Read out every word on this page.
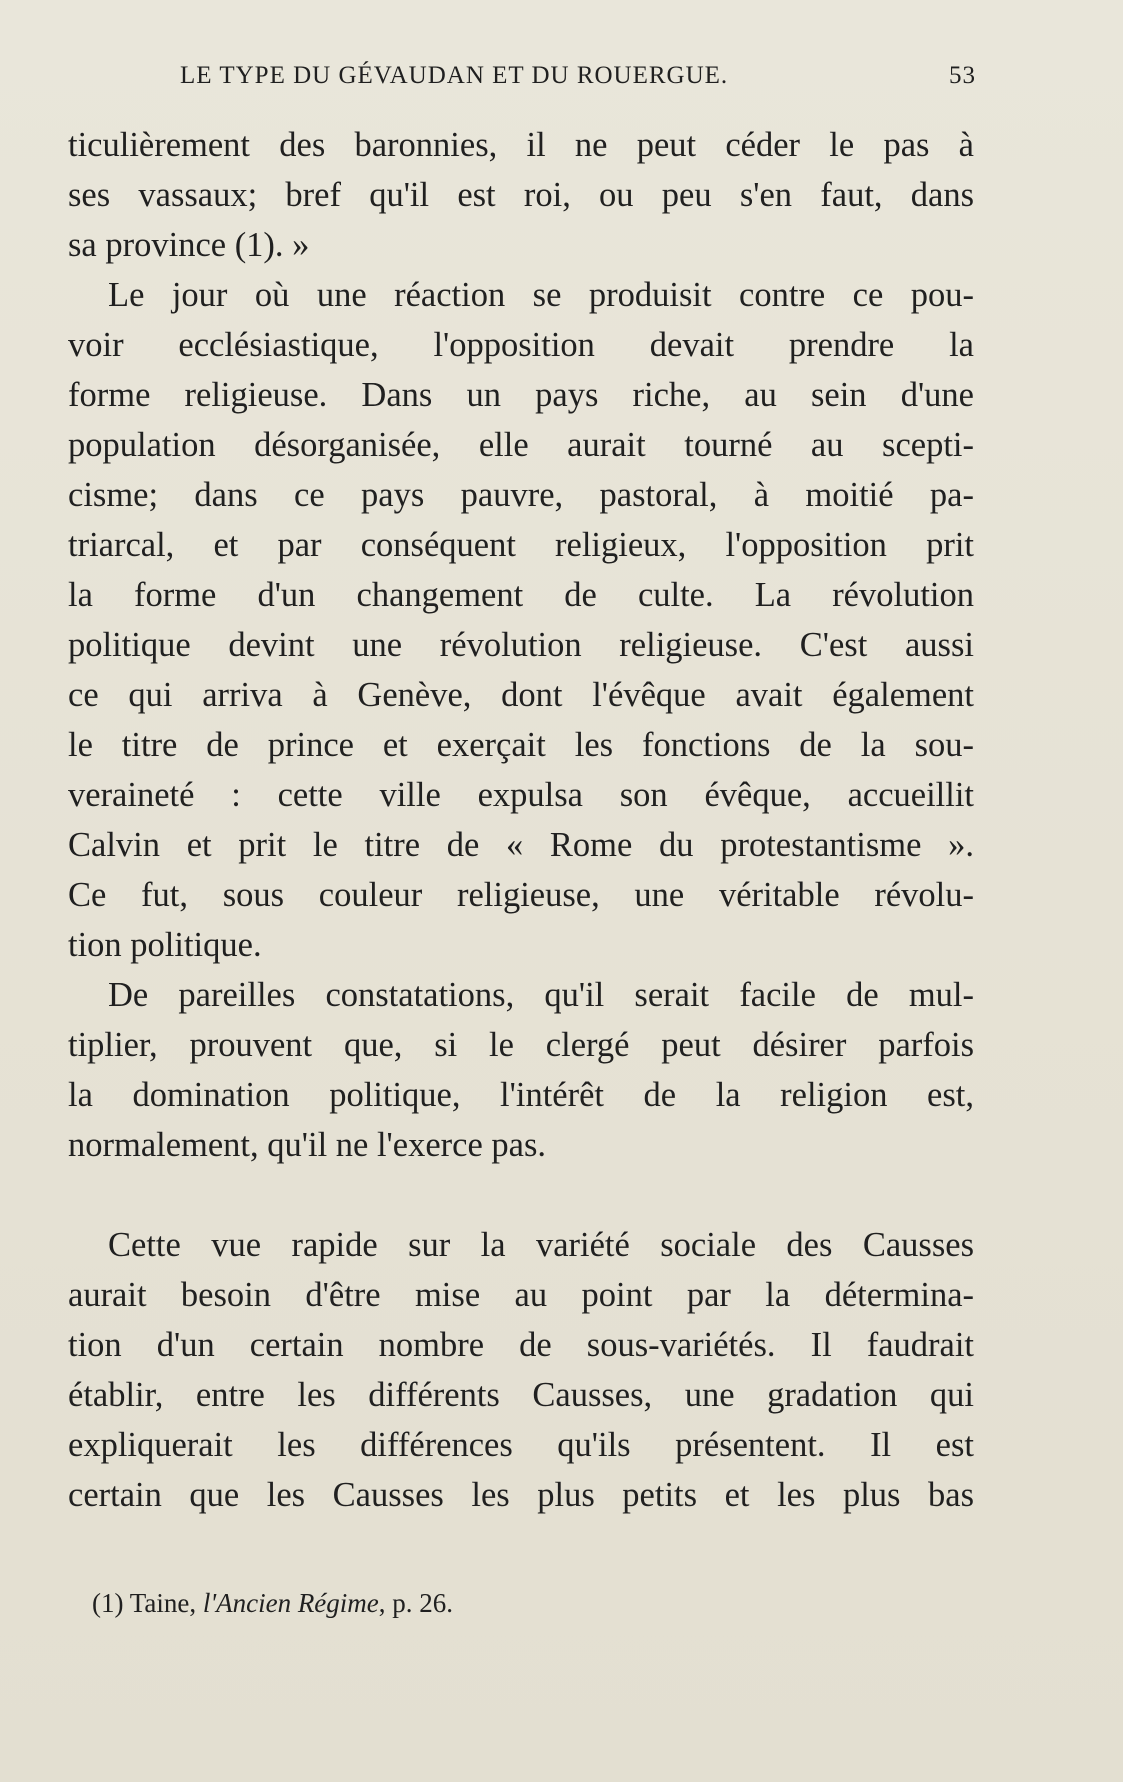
LE TYPE DU GÉVAUDAN ET DU ROUERGUE.	53
ticulièrement des baronnies, il ne peut céder le pas à
ses vassaux; bref qu'il est roi, ou peu s'en faut, dans
sa province (1). »
Le jour où une réaction se produisit contre ce pou-
voir ecclésiastique, l'opposition devait prendre la
forme religieuse. Dans un pays riche, au sein d'une
population désorganisée, elle aurait tourné au scepti-
cisme; dans ce pays pauvre, pastoral, à moitié pa-
triarcal, et par conséquent religieux, l'opposition prit
la forme d'un changement de culte. La révolution
politique devint une révolution religieuse. C'est aussi
ce qui arriva à Genève, dont l'évêque avait également
le titre de prince et exerçait les fonctions de la sou-
veraineté : cette ville expulsa son évêque, accueillit
Calvin et prit le titre de « Rome du protestantisme ».
Ce fut, sous couleur religieuse, une véritable révolu-
tion politique.
De pareilles constatations, qu'il serait facile de mul-
tiplier, prouvent que, si le clergé peut désirer parfois
la domination politique, l'intérêt de la religion est,
normalement, qu'il ne l'exerce pas.
Cette vue rapide sur la variété sociale des Causses
aurait besoin d'être mise au point par la détermina-
tion d'un certain nombre de sous-variétés. Il faudrait
établir, entre les différents Causses, une gradation qui
expliquerait les différences qu'ils présentent. Il est
certain que les Causses les plus petits et les plus bas
(1) Taine, l'Ancien Régime, p. 26.
